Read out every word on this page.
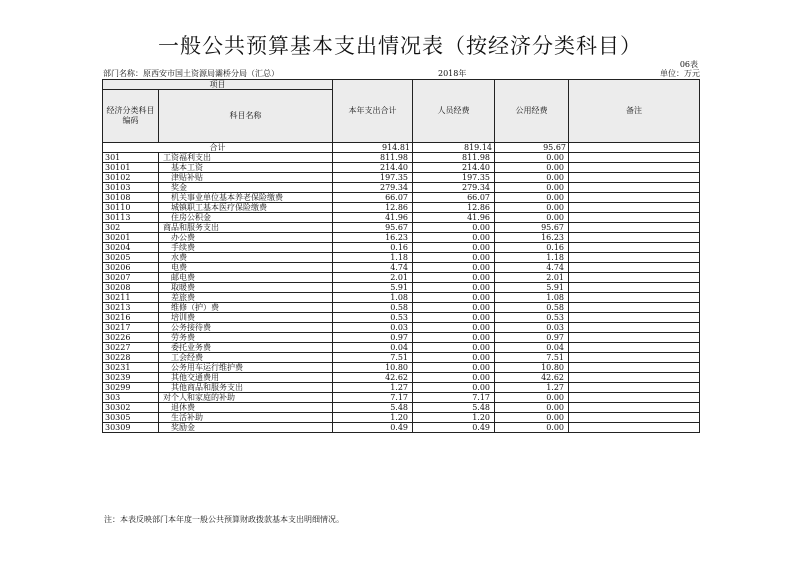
一般公共预算基本支出情况表（按经济分类科目）
06表
部门名称：原西安市国土资源局灞桥分局（汇总）	2018年	单位：万元
项目		本年支出合计	人员经费	公用经费	备注
经济分类科目编码	科目名称				
合计		914.81	819.14	95.67	
301	工资福利支出	811.98	811.98	0.00	
30101	基本工资	214.40	214.40	0.00	
30102	津贴补贴	197.35	197.35	0.00	
30103	奖金	279.34	279.34	0.00	
30108	机关事业单位基本养老保险缴费	66.07	66.07	0.00	
30110	城镇职工基本医疗保险缴费	12.86	12.86	0.00	
30113	住房公积金	41.96	41.96	0.00	
302	商品和服务支出	95.67	0.00	95.67	
30201	办公费	16.23	0.00	16.23	
30204	手续费	0.16	0.00	0.16	
30205	水费	1.18	0.00	1.18	
30206	电费	4.74	0.00	4.74	
30207	邮电费	2.01	0.00	2.01	
30208	取暖费	5.91	0.00	5.91	
30211	差旅费	1.08	0.00	1.08	
30213	维修（护）费	0.58	0.00	0.58	
30216	培训费	0.53	0.00	0.53	
30217	公务接待费	0.03	0.00	0.03	
30226	劳务费	0.97	0.00	0.97	
30227	委托业务费	0.04	0.00	0.04	
30228	工会经费	7.51	0.00	7.51	
30231	公务用车运行维护费	10.80	0.00	10.80	
30239	其他交通费用	42.62	0.00	42.62	
30299	其他商品和服务支出	1.27	0.00	1.27	
303	对个人和家庭的补助	7.17	7.17	0.00	
30302	退休费	5.48	5.48	0.00	
30305	生活补助	1.20	1.20	0.00	
30309	奖励金	0.49	0.49	0.00	
注：本表反映部门本年度一般公共预算财政拨款基本支出明细情况。
